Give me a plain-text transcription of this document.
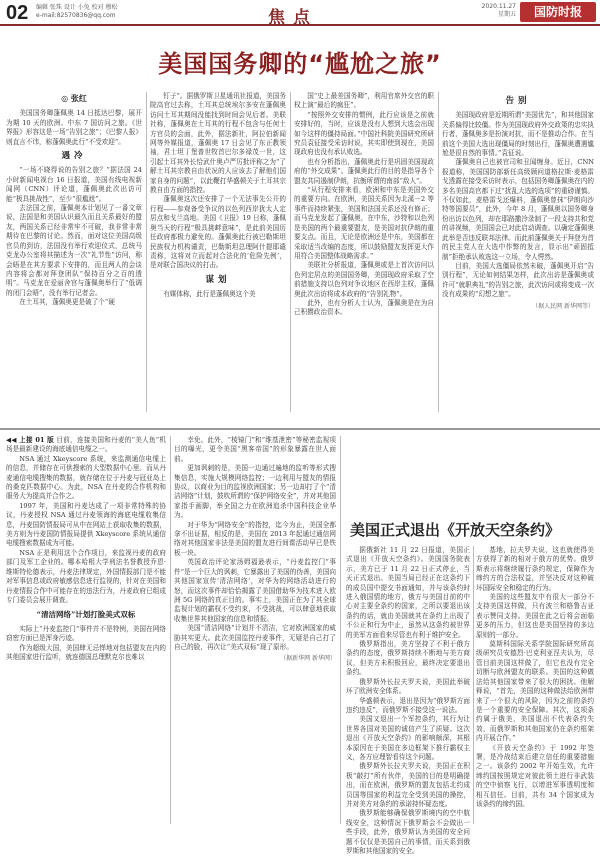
02 编辑 张珠 设计 小兔 校对 穆松
e-mail:82570836@qq.com	焦点
2020.11.27
星期五	国防时报
美国国务卿的“尴尬之旅”
◎ 张红

美国国务卿蓬佩奥 14 日抵达巴黎，展开为期 10 天的欧洲、中东 7 国访问之旅。《世界报》形容这是一场“告别之旅”；《巴黎人报》则直言不讳，称蓬佩奥此行“不受欢迎”。

遇冷

“一场不晓得说的告别之旅？”据法国 24 小时新闻电视台 16 日报道，美国有线电视新闻网（CNN）评论道，蓬佩奥此次出访可能“极具挑战性”，至少“很尴尬”。

去法国之前，蓬佩奥本计划见了一番文章说，法国是和美国认识最久而且关系最好的盟友，两国关系已经非常牢不可破，我非常非常期待在巴黎的讨论。然而，面对这位美国高级官员的到访，法国没有举行欢迎仪式，总统马克龙办公室将其描述为一次“礼节性”访问，称会晤是在其方要求下安排的，而且两人的会谈内容将会都对拜登团队“保持百分之百的透明”。马克龙在爱丽舍宫与蓬佩奥举行了“低调的闭门会晤”，没有举行记者会。

在土耳其，蓬佩奥更是破了个“硬

钉子”。据俄罗斯卫星通讯社报道，美国务院高官过去称，土耳其总统埃尔多安在蓬佩奥访问土耳其期间没能找到时间会见后者。美联社称，蓬佩奥在土耳其的行程不包含与任何土方官员的会面，此外，据法新社，阿拉伯新闻网等外媒报道，蓬佩奥 17 日会见了东正教领袖，君士坦丁堡普世牧首巴尔多禄茂一世，这引起土耳其外长恰武什奥卢严厉批评称之为“了解土耳其宗教自由状况的人应该去了解他们国家自身的问题”，以此鞭打华盛顿关于土耳其宗教自由方面的指控。

蓬佩奥这次还安排了一个无法事先公开的行程——参观备受争议的以色列西岸犹太人定居点和戈兰高地。美国《卫报》19 日称，蓬佩奥当天的行程“极具挑衅意味”，是此前美国历任政府都极力避免的。蓬佩奥此行被巴勒斯坦民族权力机构谴责，巴勒斯坦总理阿什提耶谴责称，这将对立而起对合法化的‘危险先例’，是对联合国决议的打击。

谋划

有媒体称，此行是蓬佩奥这个美

国“史上最差国务卿”，利用官席外交官的职权上演“最后的疯狂”。

“按照外交安排的惯例，此行应该是之前就安排好的，当时，应该是没有人想到大选会出现如今这样的僵持局面。”中国社科院美国研究所研究员袁征接受采访时说，其实即使到现在，美国现政府也没有承认败选。

也有分析指出，蓬佩奥此行是巩固美国现政府的“外交成果”。蓬佩奥此行的目的是指导各个盟友共同遏制伊朗，抗衡所谓的南部“敌人”。

“从行程安排来看，欧洲和中东是美国外交的重要方向。在欧洲，美国关系因为北溪－2 等事件而持续紧张，美国和法国关系还没有修正；而马克龙发起了蓬佩奥，在中东，沙特和以色列是美国的两个最重要盟友，是美国对抗伊朗的重要支点。而且，无论是欧洲还是中东，美国都在采取适当改编的态度，所以鼓励盟友发挥更大作用符合美国整体战略需求。”

美联社分析报道，蓬佩奥或是上首次访问以色列定居点的美国国务卿，美国现政府采取了空前措施支持以色列对争议地区在西岸主权，蓬佩奥此次出访将成本政府的“告别礼物”。

此外，也有分析人士认为，蓬佩奥是在为自己积攒政治资本。

告别

美国现政府是近期所谓“美国优先”，和其他国家关系偏得比较僵。作为美国现政府外交政策的忠实执行者，蓬佩奥多是扮演对抗，而不是推动合作。在当前这个美国大选出现僵局的时刻出行，蓬佩奥遭遇尴尬是很自然的事情。”袁征说。

蓬佩奥自己也被官司和丑闻缠身。近日，CNN 报道称，美国国防部新任高级顾问道格拉斯·麦格雷戈透露在接受采访时表示，包括国务卿蓬佩奥在内的多名美国高官都下过“扰乱大选的选项”的重磅谨慎。不仅如此，麦格雷戈还爆料，蓬佩奥曾抹“伊朗向沙特等国要员”，此外，今年 8 月，蓬佩奥以国务卿身份出访以色列，却在耶路撒冷录制了一段支持共和党的讲视频，美国国会已对此启动调查。以确定蓬佩奥此举是否违反联邦法律。而此前蓬佩奥关于拜登为首的民主党人在大选中作弊的发言，显示出“顽固抵制”拒绝承认败选这一立场，令人愕然。

目前，美国大选僵局依然未破，蓬佩奥开启“告别行程”，无论如何结果怎样，此次出访是蓬佩奥或许可“就职典礼”的告别之旅，此次访问或将变成一次没有成果的“幻想之旅”。

（据人民网 新华网等）

◀◀ 上接 01 版 目前，连接美国和丹麦的“美人鱼”机场是最新建设的海底通信电缆之一。

NSA 通过 Xkeyscore 系统，来监测通信电缆上的信息，并储存在可供搜索的大型数据中心里。而从丹麦通信电缆搜集的数据，就存储在位于丹麦与冠亚岛上的桑克匹数据中心。为此，NSA 在丹麦的合作机构和服务大为提高并合作之。

1997 年，美国和丹麦达成了一项非常特殊的协议，丹麦授权 NSA 通过丹麦领海的海底电缆收集信息，丹麦国防情报局可从中在网站上获取收集的数据，美方则为丹麦国防情报局提供 Xkeyscore 系统从通信电缆搜索数据成为可能。

NSA 正是利用这个合作项目，来监视丹麦的政府部门及军工企业的。哪本哈根大学刑法名誉教授乔恩·维斯特伦德表示，丹麦法律规定，外国情报部门是不能对军事信息或政府敏感信息进行监视的，针对在美国和丹麦情报合作中可能存在的违法行为，丹麦政府已组成专门委员会展开调查。

“清洁网络”计划打脸美式双标

实际上“丹麦监控门”事件并不是特例，美国在网络窃密方面已是浑身污迹。

作为超级大国，美国肆无忌惮地对包括盟友在内的其他国家进行监听，就连德国总理默克尔也难以

幸免。此外，“棱镜门”和“维基泄密”等秘密监视项目的曝光，更令美国“黑客帝国”的形象暴露在世人面前。

更加讽刺的是，美国一边通过遍地的监听等形式搜集信息，实施大规模网络监控；一边利用与盟友的情报协议，以商业为目的监视欧洲国家；另一边却打了个“清洁网络”计划，鼓吹所谓的“保护网络安全”，并对其他国家指手画脚，举全国之力在欧洲追杀中国科技企业华为。

对于华为“网络安全”的指控，迄今为止，美国全都拿不出证据，相反的是，美国在 2013 年起通过通信网络对其他国家非法是美国的盟友进行间谍活动早已是铁板一块。

英国政治评论家汤姆福逊表示，“丹麦监控门”事件“是一个巨大的讽刺，它暴露出了美国的伪善，美国向其他国家宣传‘清洁网络’，对华为的网络活动进行的怒，而这次事件却恰恰揭露了美国借助华为技术进入欧洲 5G 网络的真正目的。事实上，美国正在为了其全球监视计划的霸权不受约束，不受挑战，可以肆意地获取收集世界其他国家的信息和情报。

美国“清洁网络”计划并不清洁，它对欧洲国家的威胁其实更大。此次美国监控丹麦事件，无疑是自己打了自己的脸，再次让“美式双标”现了原形。

（据新华网 新华网）
美国正式退出《开放天空条约》

据俄新社 11 月 22 日报道，美国正式退出《开放天空条约》。美国国务院表示，美方已于 11 月 22 日正式停止，当天正式退出。美国当局已经正在这条约下的成员国中提交书面通知，并与该条约时进入俄国情的地方，俄方与美国目前的中心对主要全条约的国家，之所以要退出该条约的话，就由美国就其在条约上出现了不公正和行为中止，虽然从这条约被世界的美军方面看来尽管也有利于维护安全。

俄罗斯指出，美方坚持了不利于俄方条约的态度，俄罗斯持续不断地与美方商议，但美方未积极回应，最终决定要退出条约。

俄罗斯外长拉夫罗夫说，美国此举破坏了欧洲安全体系。

华盛顿表示，退出是因为“俄罗斯方面违约违反”，而俄罗斯不接受这一说法。

美国又退出一个军控条约，其行为让世界各国对美国的诚信产生了质疑。这次退出《开放天空条约》的影响颇深，其根本原因在于美国在多边框架下推行霸权主义，各方应理智看待这个问题。

俄罗斯外长拉夫罗夫说，美国正在积极“敲打”所有伙伴，美国的目的是明确提出，而在欧洲，俄罗斯的盟友包括北约成员国等国家的利益完全受到美国的操控，并对美方对条约的承诺持怀疑态度。

俄罗斯能够确保俄罗斯境内的空中航线安全，这种情况下俄罗斯会不会做出一些手段，此外，俄罗斯认为美国的安全问题不仅仅是美国自己的事情，而关系到俄罗斯和其他国家的安全。

基地，拉夫罗夫说，这也就使得美方获得了新的相对于俄方的优势。俄罗斯表示将继续履行条约规定，保障作为缔约方的合法权益，并坚决反对这种破坏国际安全和稳定的行为。

美国的这些盟友中有很大一部分不支持美国这样做，只有波兰和格鲁吉亚表示赞同支持。美国在此之后将会面临更多的压力，但这也是美国坚持的多边原则的一部分。

莫斯科国际关系学院国际研究所高级研究员安德烈·巴克利亚涅夫认为，尽管目前美国这样做了，但它也没有完全切断与欧洲盟友的联系。美国的这种做法给其他国家带来了很大的困扰。他解释说，“首先，美国的这种做法给欧洲带来了一个很大的风险，因为之前的条约是一个重要的安全保障。其次，这项条约属于俄美，美国退出不代表条约失效，而俄罗斯和其他国家仍在条约框架内开展合作。”

《开放天空条约》于 1992 年签署，是冷战结束后建立信任的重要措施之一。该条约 2002 年开始生效，允许缔约国按照规定对彼此领土进行非武装的空中侦察飞行，以增进军事透明度和相互信任。目前，共有 34 个国家成为该条约的缔约国。
